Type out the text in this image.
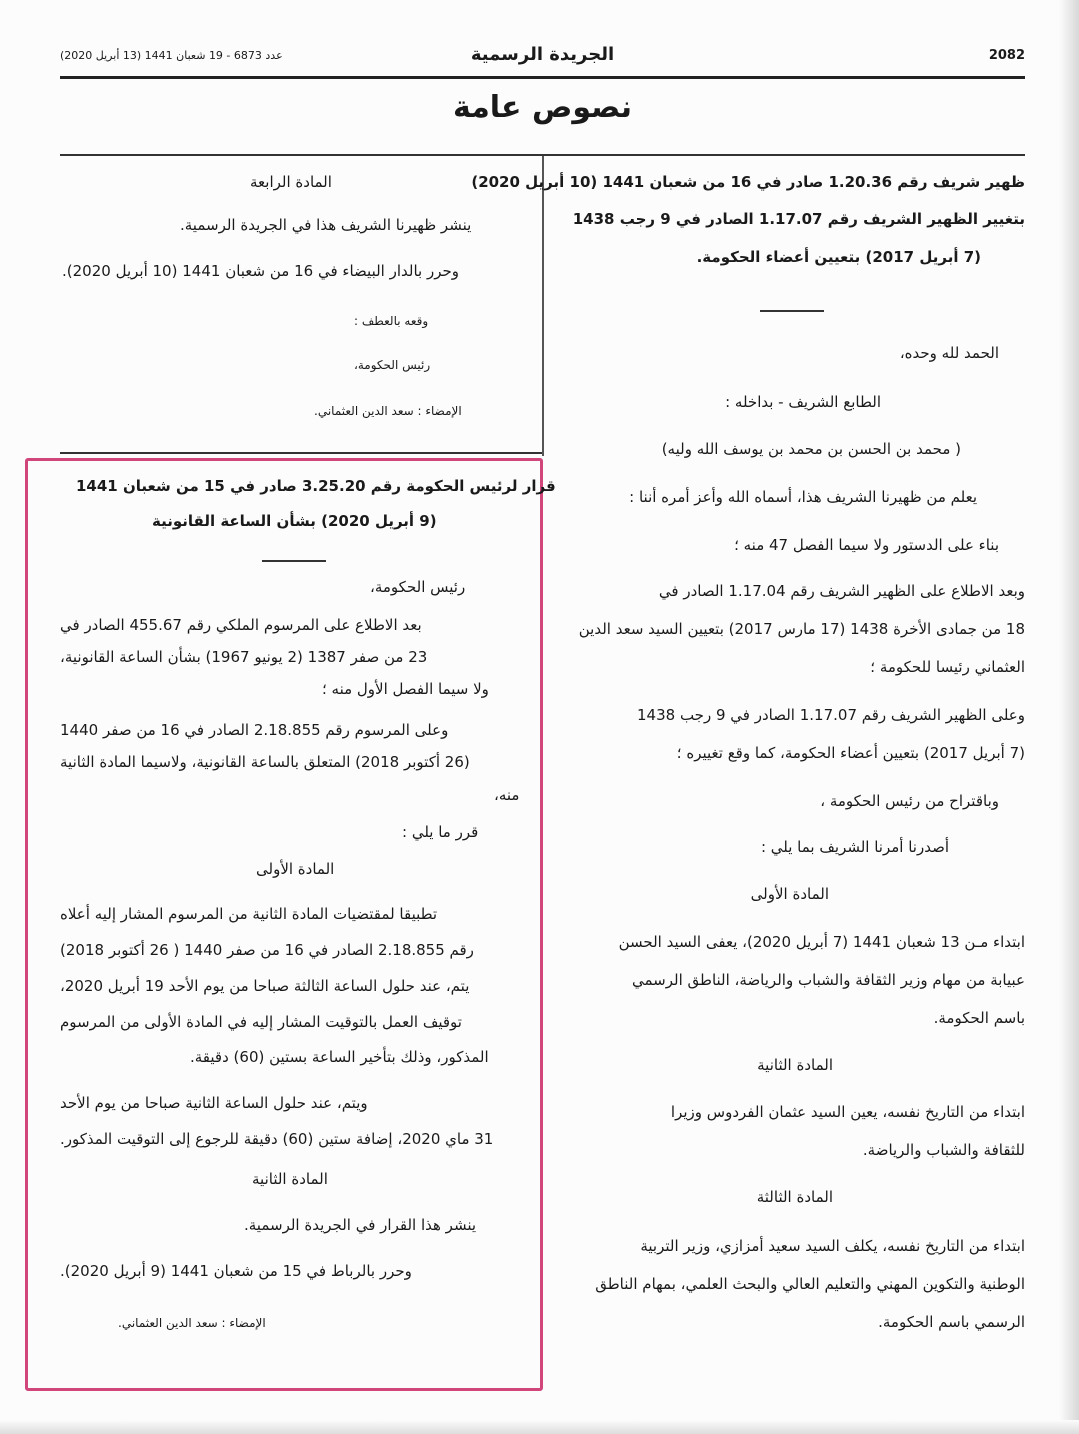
2082
الجريدة الرسمية
عدد 6873 - 19 شعبان 1441 (13 أبريل 2020)
نصوص عامة
ظهير شريف رقم 1.20.36 صادر في 16 من شعبان 1441 (10 أبريل 2020)
بتغيير الظهير الشريف رقم 1.17.07 الصادر في 9 رجب 1438
(7 أبريل 2017) بتعيين أعضاء الحكومة.
الحمد لله وحده،
الطابع الشريف - بداخله :
( محمد بن الحسن بن محمد بن يوسف الله وليه)
يعلم من ظهيرنا الشريف هذا، أسماه الله وأعز أمره أننا :
بناء على الدستور ولا سيما الفصل 47 منه ؛
وبعد الاطلاع على الظهير الشريف رقم 1.17.04 الصادر في
18 من جمادى الأخرة 1438 (17 مارس 2017) بتعيين السيد سعد الدين
العثماني رئيسا للحكومة ؛
وعلى الظهير الشريف رقم 1.17.07 الصادر في 9 رجب 1438
(7 أبريل 2017) بتعيين أعضاء الحكومة، كما وقع تغييره ؛
وباقتراح من رئيس الحكومة ،
أصدرنا أمرنا الشريف بما يلي :
المادة الأولى
ابتداء مـن 13 شعبان 1441 (7 أبريل 2020)، يعفى السيد الحسن
عبيابة من مهام وزير الثقافة والشباب والرياضة، الناطق الرسمي
باسم الحكومة.
المادة الثانية
ابتداء من التاريخ نفسه، يعين السيد عثمان الفردوس وزيرا
للثقافة والشباب والرياضة.
المادة الثالثة
ابتداء من التاريخ نفسه، يكلف السيد سعيد أمزازي، وزير التربية
الوطنية والتكوين المهني والتعليم العالي والبحث العلمي، بمهام الناطق
الرسمي باسم الحكومة.
المادة الرابعة
ينشر ظهيرنا الشريف هذا في الجريدة الرسمية.
وحرر بالدار البيضاء في 16 من شعبان 1441 (10 أبريل 2020).
وقعه بالعطف :
رئيس الحكومة،
الإمضاء : سعد الدين العثماني.
قرار لرئيس الحكومة رقم 3.25.20 صادر في 15 من شعبان 1441
(9 أبريل 2020) بشأن الساعة القانونية
رئيس الحكومة،
بعد الاطلاع على المرسوم الملكي رقم 455.67 الصادر في
23 من صفر 1387 (2 يونيو 1967) بشأن الساعة القانونية،
ولا سيما الفصل الأول منه ؛
وعلى المرسوم رقم 2.18.855 الصادر في 16 من صفر 1440
(26 أكتوبر 2018) المتعلق بالساعة القانونية، ولاسيما المادة الثانية
منه،
قرر ما يلي :
المادة الأولى
تطبيقا لمقتضيات المادة الثانية من المرسوم المشار إليه أعلاه
رقم 2.18.855 الصادر في 16 من صفر 1440 ( 26 أكتوبر 2018)
يتم، عند حلول الساعة الثالثة صباحا من يوم الأحد 19 أبريل 2020،
توقيف العمل بالتوقيت المشار إليه في المادة الأولى من المرسوم
المذكور، وذلك بتأخير الساعة بستين (60) دقيقة.
ويتم، عند حلول الساعة الثانية صباحا من يوم الأحد
31 ماي 2020، إضافة ستين (60) دقيقة للرجوع إلى التوقيت المذكور.
المادة الثانية
ينشر هذا القرار في الجريدة الرسمية.
وحرر بالرباط في 15 من شعبان 1441 (9 أبريل 2020).
الإمضاء : سعد الدين العثماني.
